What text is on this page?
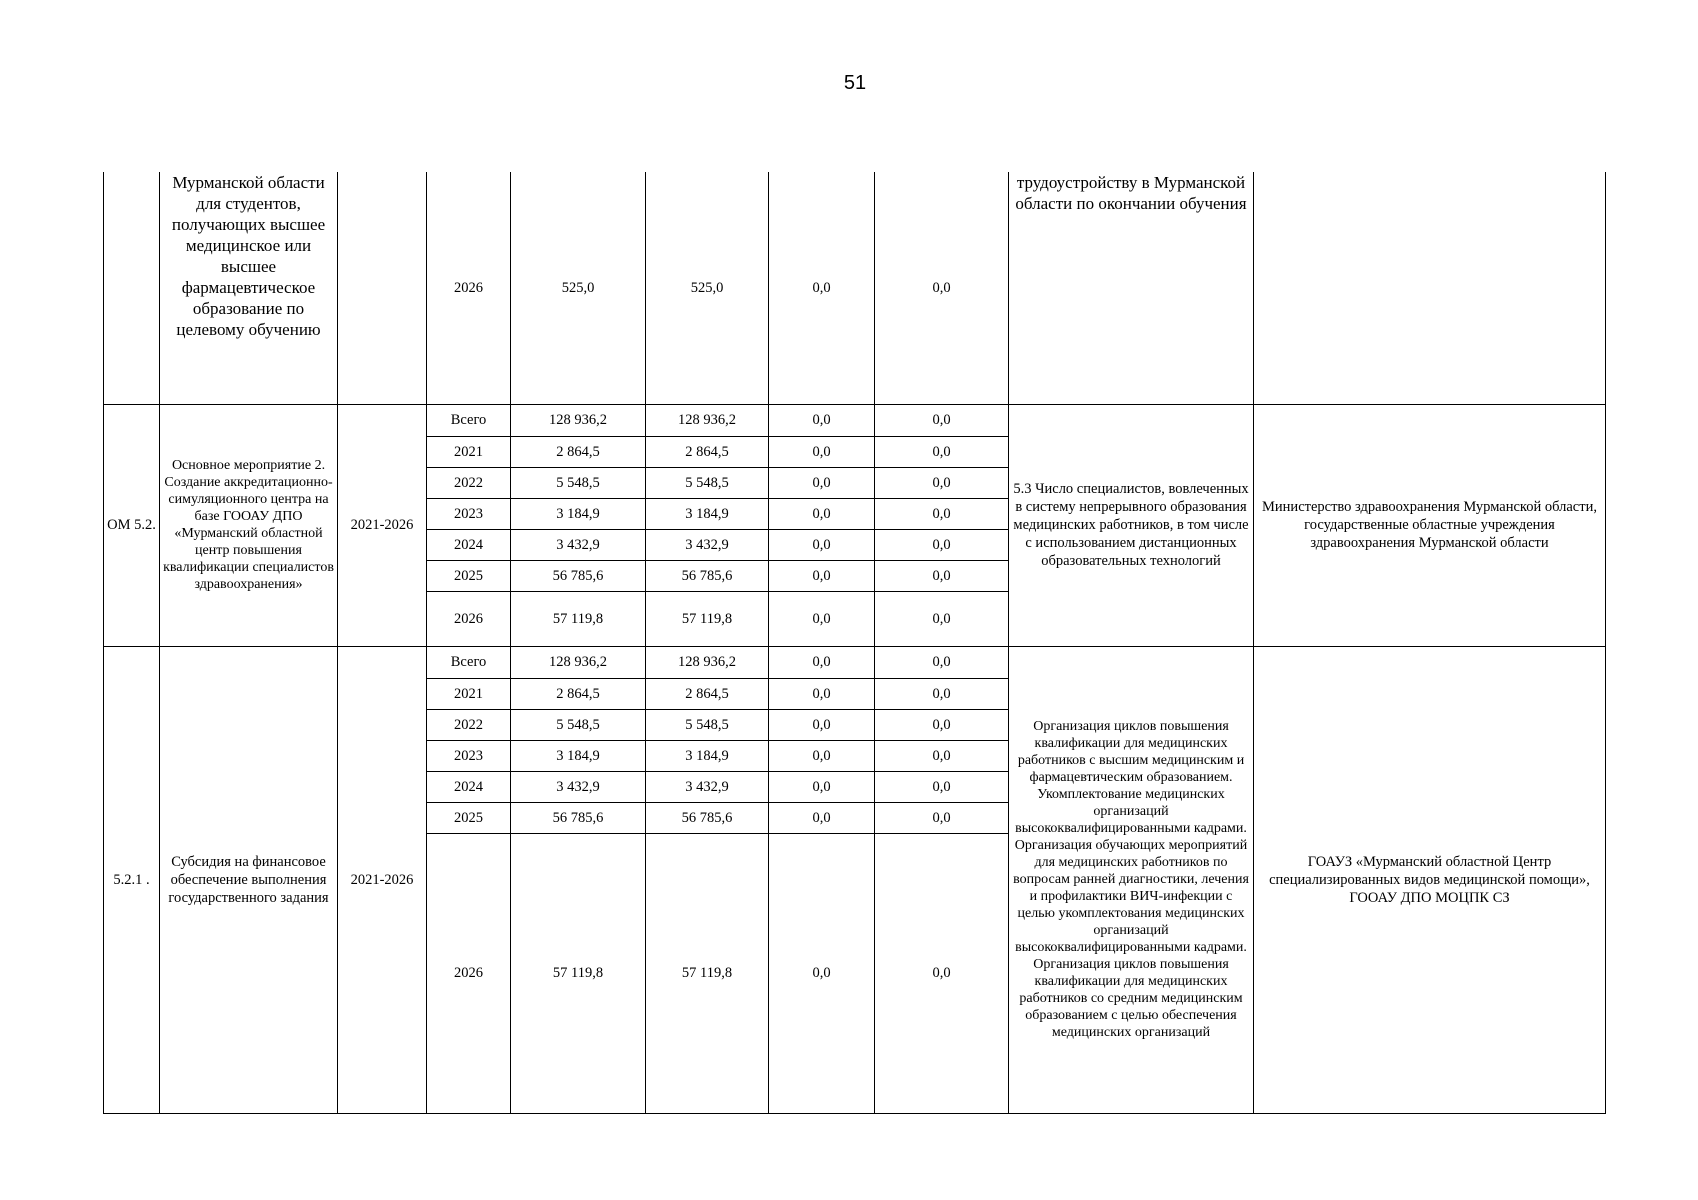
51
	Мурманской области для студентов, получающих высшее медицинское или высшее фармацевтическое образование по целевому обучению		2026	525,0	525,0	0,0	0,0	трудоустройству в Мурманской области по окончании обучения	
ОМ 5.2.	Основное мероприятие 2. Создание аккредитационно-симуляционного центра на базе ГООАУ ДПО «Мурманский областной центр повышения квалификации специалистов здравоохранения»	2021-2026	Всего	128 936,2	128 936,2	0,0	0,0	5.3 Число специалистов, вовлеченных в систему непрерывного образования медицинских работников, в том числе с использованием дистанционных образовательных технологий	Министерство здравоохранения Мурманской области, государственные областные учреждения здравоохранения Мурманской области
			2021	2 864,5	2 864,5	0,0	0,0		
			2022	5 548,5	5 548,5	0,0	0,0		
			2023	3 184,9	3 184,9	0,0	0,0		
			2024	3 432,9	3 432,9	0,0	0,0		
			2025	56 785,6	56 785,6	0,0	0,0		
			2026	57 119,8	57 119,8	0,0	0,0		
5.2.1 .	Субсидия на финансовое обеспечение выполнения государственного задания	2021-2026	Всего	128 936,2	128 936,2	0,0	0,0	Организация циклов повышения квалификации для медицинских работников с высшим медицинским и фармацевтическим образованием. Укомплектование медицинских организаций высококвалифицированными кадрами. Организация обучающих мероприятий для медицинских работников по вопросам ранней диагностики, лечения и профилактики ВИЧ-инфекции с целью укомплектования медицинских организаций высококвалифицированными кадрами. Организация циклов повышения квалификации для медицинских работников со средним медицинским образованием с целью обеспечения медицинских организаций	ГОАУЗ «Мурманский областной Центр специализированных видов медицинской помощи», ГООАУ ДПО МОЦПК СЗ
			2021	2 864,5	2 864,5	0,0	0,0		
			2022	5 548,5	5 548,5	0,0	0,0		
			2023	3 184,9	3 184,9	0,0	0,0		
			2024	3 432,9	3 432,9	0,0	0,0		
			2025	56 785,6	56 785,6	0,0	0,0		
			2026	57 119,8	57 119,8	0,0	0,0		
